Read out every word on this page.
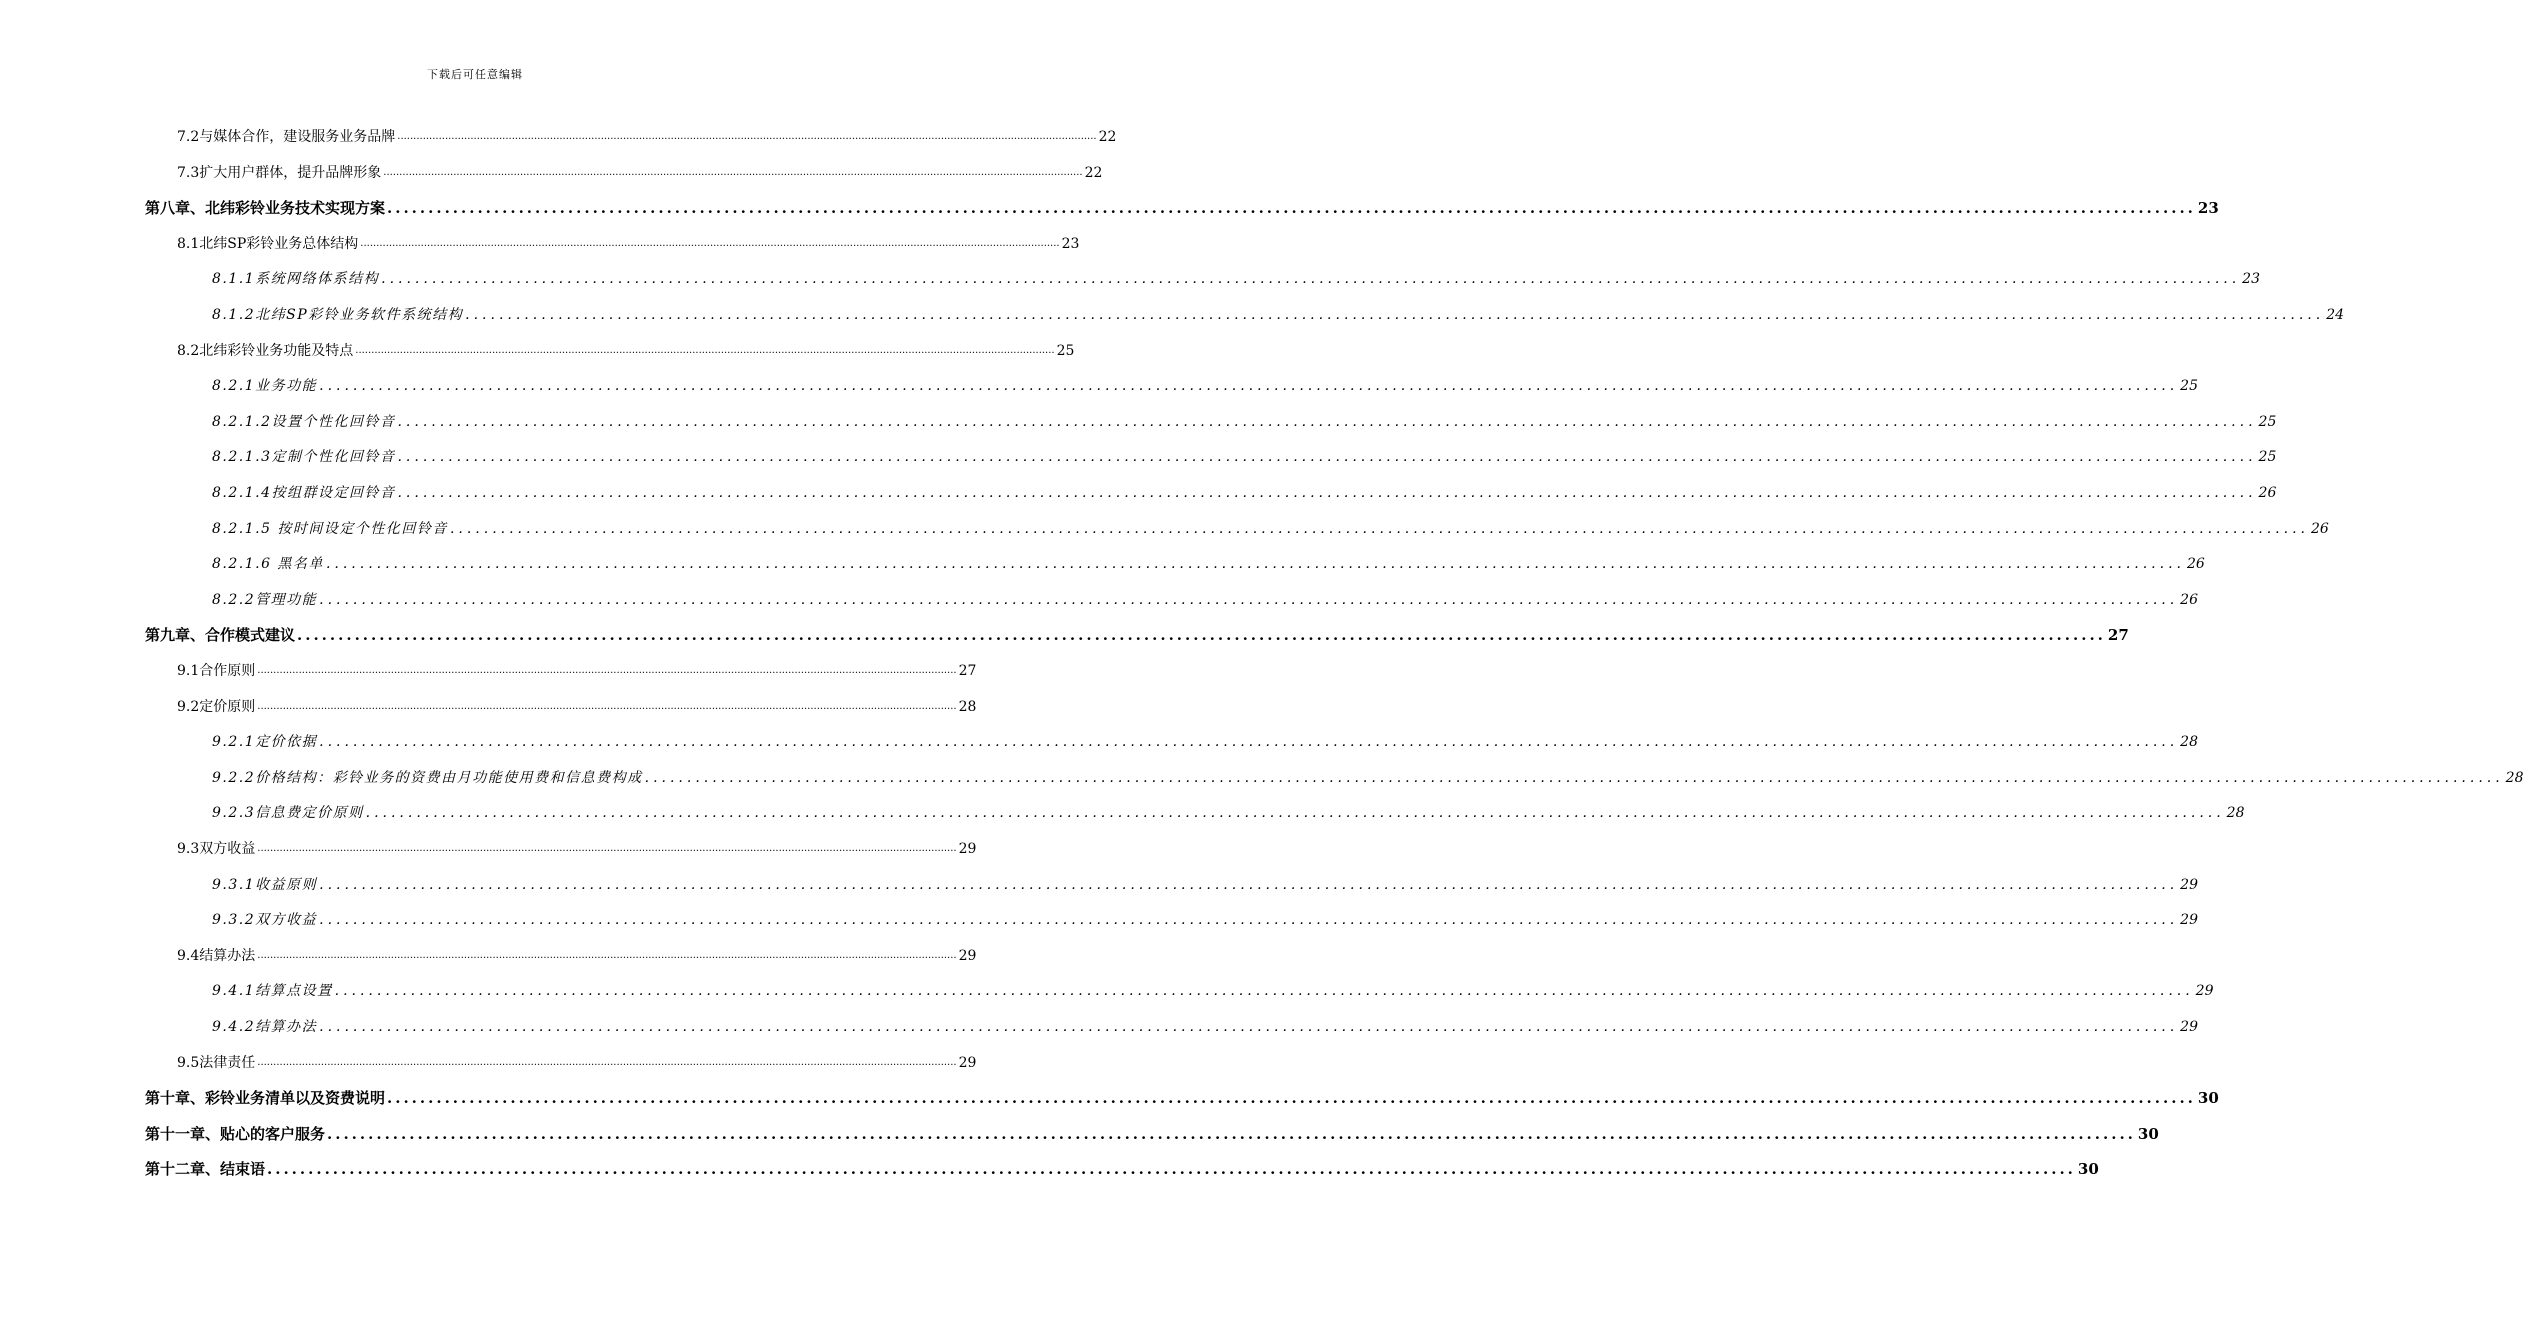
下载后可任意编辑
7.2与媒体合作，建设服务业务品牌 ............................................................................................................................................................................................................................ 22
7.3扩大用户群体，提升品牌形象 ............................................................................................................................................................................................................................ 22
第八章、北纬彩铃业务技术实现方案 ............................................................................................................................................................................................................................ 23
8.1北纬SP彩铃业务总体结构 ............................................................................................................................................................................................................................ 23
8.1.1系统网络体系结构 ............................................................................................................................................................................................................................ 23
8.1.2北纬SP彩铃业务软件系统结构 ............................................................................................................................................................................................................................ 24
8.2北纬彩铃业务功能及特点 ............................................................................................................................................................................................................................ 25
8.2.1业务功能 ............................................................................................................................................................................................................................ 25
8.2.1.2设置个性化回铃音 ............................................................................................................................................................................................................................ 25
8.2.1.3定制个性化回铃音 ............................................................................................................................................................................................................................ 25
8.2.1.4按组群设定回铃音 ............................................................................................................................................................................................................................ 26
8.2.1.5 按时间设定个性化回铃音 ............................................................................................................................................................................................................................ 26
8.2.1.6 黑名单 ............................................................................................................................................................................................................................ 26
8.2.2管理功能 ............................................................................................................................................................................................................................ 26
第九章、合作模式建议 ............................................................................................................................................................................................................................ 27
9.1合作原则 ............................................................................................................................................................................................................................ 27
9.2定价原则 ............................................................................................................................................................................................................................ 28
9.2.1定价依据 ............................................................................................................................................................................................................................ 28
9.2.2价格结构：彩铃业务的资费由月功能使用费和信息费构成 ............................................................................................................................................................................................................................ 28
9.2.3信息费定价原则 ............................................................................................................................................................................................................................ 28
9.3双方收益 ............................................................................................................................................................................................................................ 29
9.3.1收益原则 ............................................................................................................................................................................................................................ 29
9.3.2双方收益 ............................................................................................................................................................................................................................ 29
9.4结算办法 ............................................................................................................................................................................................................................ 29
9.4.1结算点设置 ............................................................................................................................................................................................................................ 29
9.4.2结算办法 ............................................................................................................................................................................................................................ 29
9.5法律责任 ............................................................................................................................................................................................................................ 29
第十章、彩铃业务清单以及资费说明 ............................................................................................................................................................................................................................ 30
第十一章、贴心的客户服务 ............................................................................................................................................................................................................................ 30
第十二章、结束语 ............................................................................................................................................................................................................................ 30
